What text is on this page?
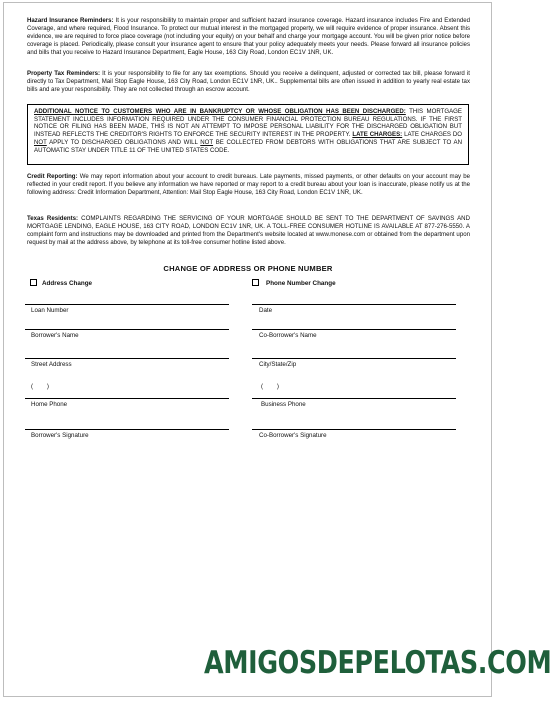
Hazard Insurance Reminders: It is your responsibility to maintain proper and sufficient hazard insurance coverage. Hazard insurance includes Fire and Extended Coverage, and where required, Flood Insurance. To protect our mutual interest in the mortgaged property, we will require evidence of proper insurance. Absent this evidence, we are required to force place coverage (not including your equity) on your behalf and charge your mortgage account. You will be given prior notice before coverage is placed. Periodically, please consult your insurance agent to ensure that your policy adequately meets your needs. Please forward all insurance policies and bills that you receive to Hazard Insurance Department, Eagle House, 163 City Road, London EC1V 1NR, UK.
Property Tax Reminders: It is your responsibility to file for any tax exemptions. Should you receive a delinquent, adjusted or corrected tax bill, please forward it directly to Tax Department, Mail Stop Eagle House, 163 City Road, London EC1V 1NR, UK.. Supplemental bills are often issued in addition to yearly real estate tax bills and are your responsibility. They are not collected through an escrow account.
ADDITIONAL NOTICE TO CUSTOMERS WHO ARE IN BANKRUPTCY OR WHOSE OBLIGATION HAS BEEN DISCHARGED: THIS MORTGAGE STATEMENT INCLUDES INFORMATION REQUIRED UNDER THE CONSUMER FINANCIAL PROTECTION BUREAU REGULATIONS. IF THE FIRST NOTICE OR FILING HAS BEEN MADE, THIS IS NOT AN ATTEMPT TO IMPOSE PERSONAL LIABILITY FOR THE DISCHARGED OBLIGATION BUT INSTEAD REFLECTS THE CREDITOR'S RIGHTS TO ENFORCE THE SECURITY INTEREST IN THE PROPERTY. LATE CHARGES: LATE CHARGES DO NOT APPLY TO DISCHARGED OBLIGATIONS AND WILL NOT BE COLLECTED FROM DEBTORS WITH OBLIGATIONS THAT ARE SUBJECT TO AN AUTOMATIC STAY UNDER TITLE 11 OF THE UNITED STATES CODE.
Credit Reporting: We may report information about your account to credit bureaus. Late payments, missed payments, or other defaults on your account may be reflected in your credit report. If you believe any information we have reported or may report to a credit bureau about your loan is inaccurate, please notify us at the following address: Credit Information Department, Attention: Mail Stop Eagle House, 163 City Road, London EC1V 1NR, UK.
Texas Residents: COMPLAINTS REGARDING THE SERVICING OF YOUR MORTGAGE SHOULD BE SENT TO THE DEPARTMENT OF SAVINGS AND MORTGAGE LENDING, EAGLE HOUSE, 163 CITY ROAD, LONDON EC1V 1NR, UK. A TOLL-FREE CONSUMER HOTLINE IS AVAILABLE AT 877-276-5550. A complaint form and instructions may be downloaded and printed from the Department's website located at www.monese.com or obtained from the department upon request by mail at the address above, by telephone at its toll-free consumer hotline listed above.
CHANGE OF ADDRESS OR PHONE NUMBER
Address Change	Phone Number Change
Loan Number	Date
Borrower's Name	Co-Borrower's Name
Street Address	City/State/Zip
(        )	(        )
Home Phone	Business Phone
Borrower's Signature	Co-Borrower's Signature
AMIGOSDEPELOTAS.COM
